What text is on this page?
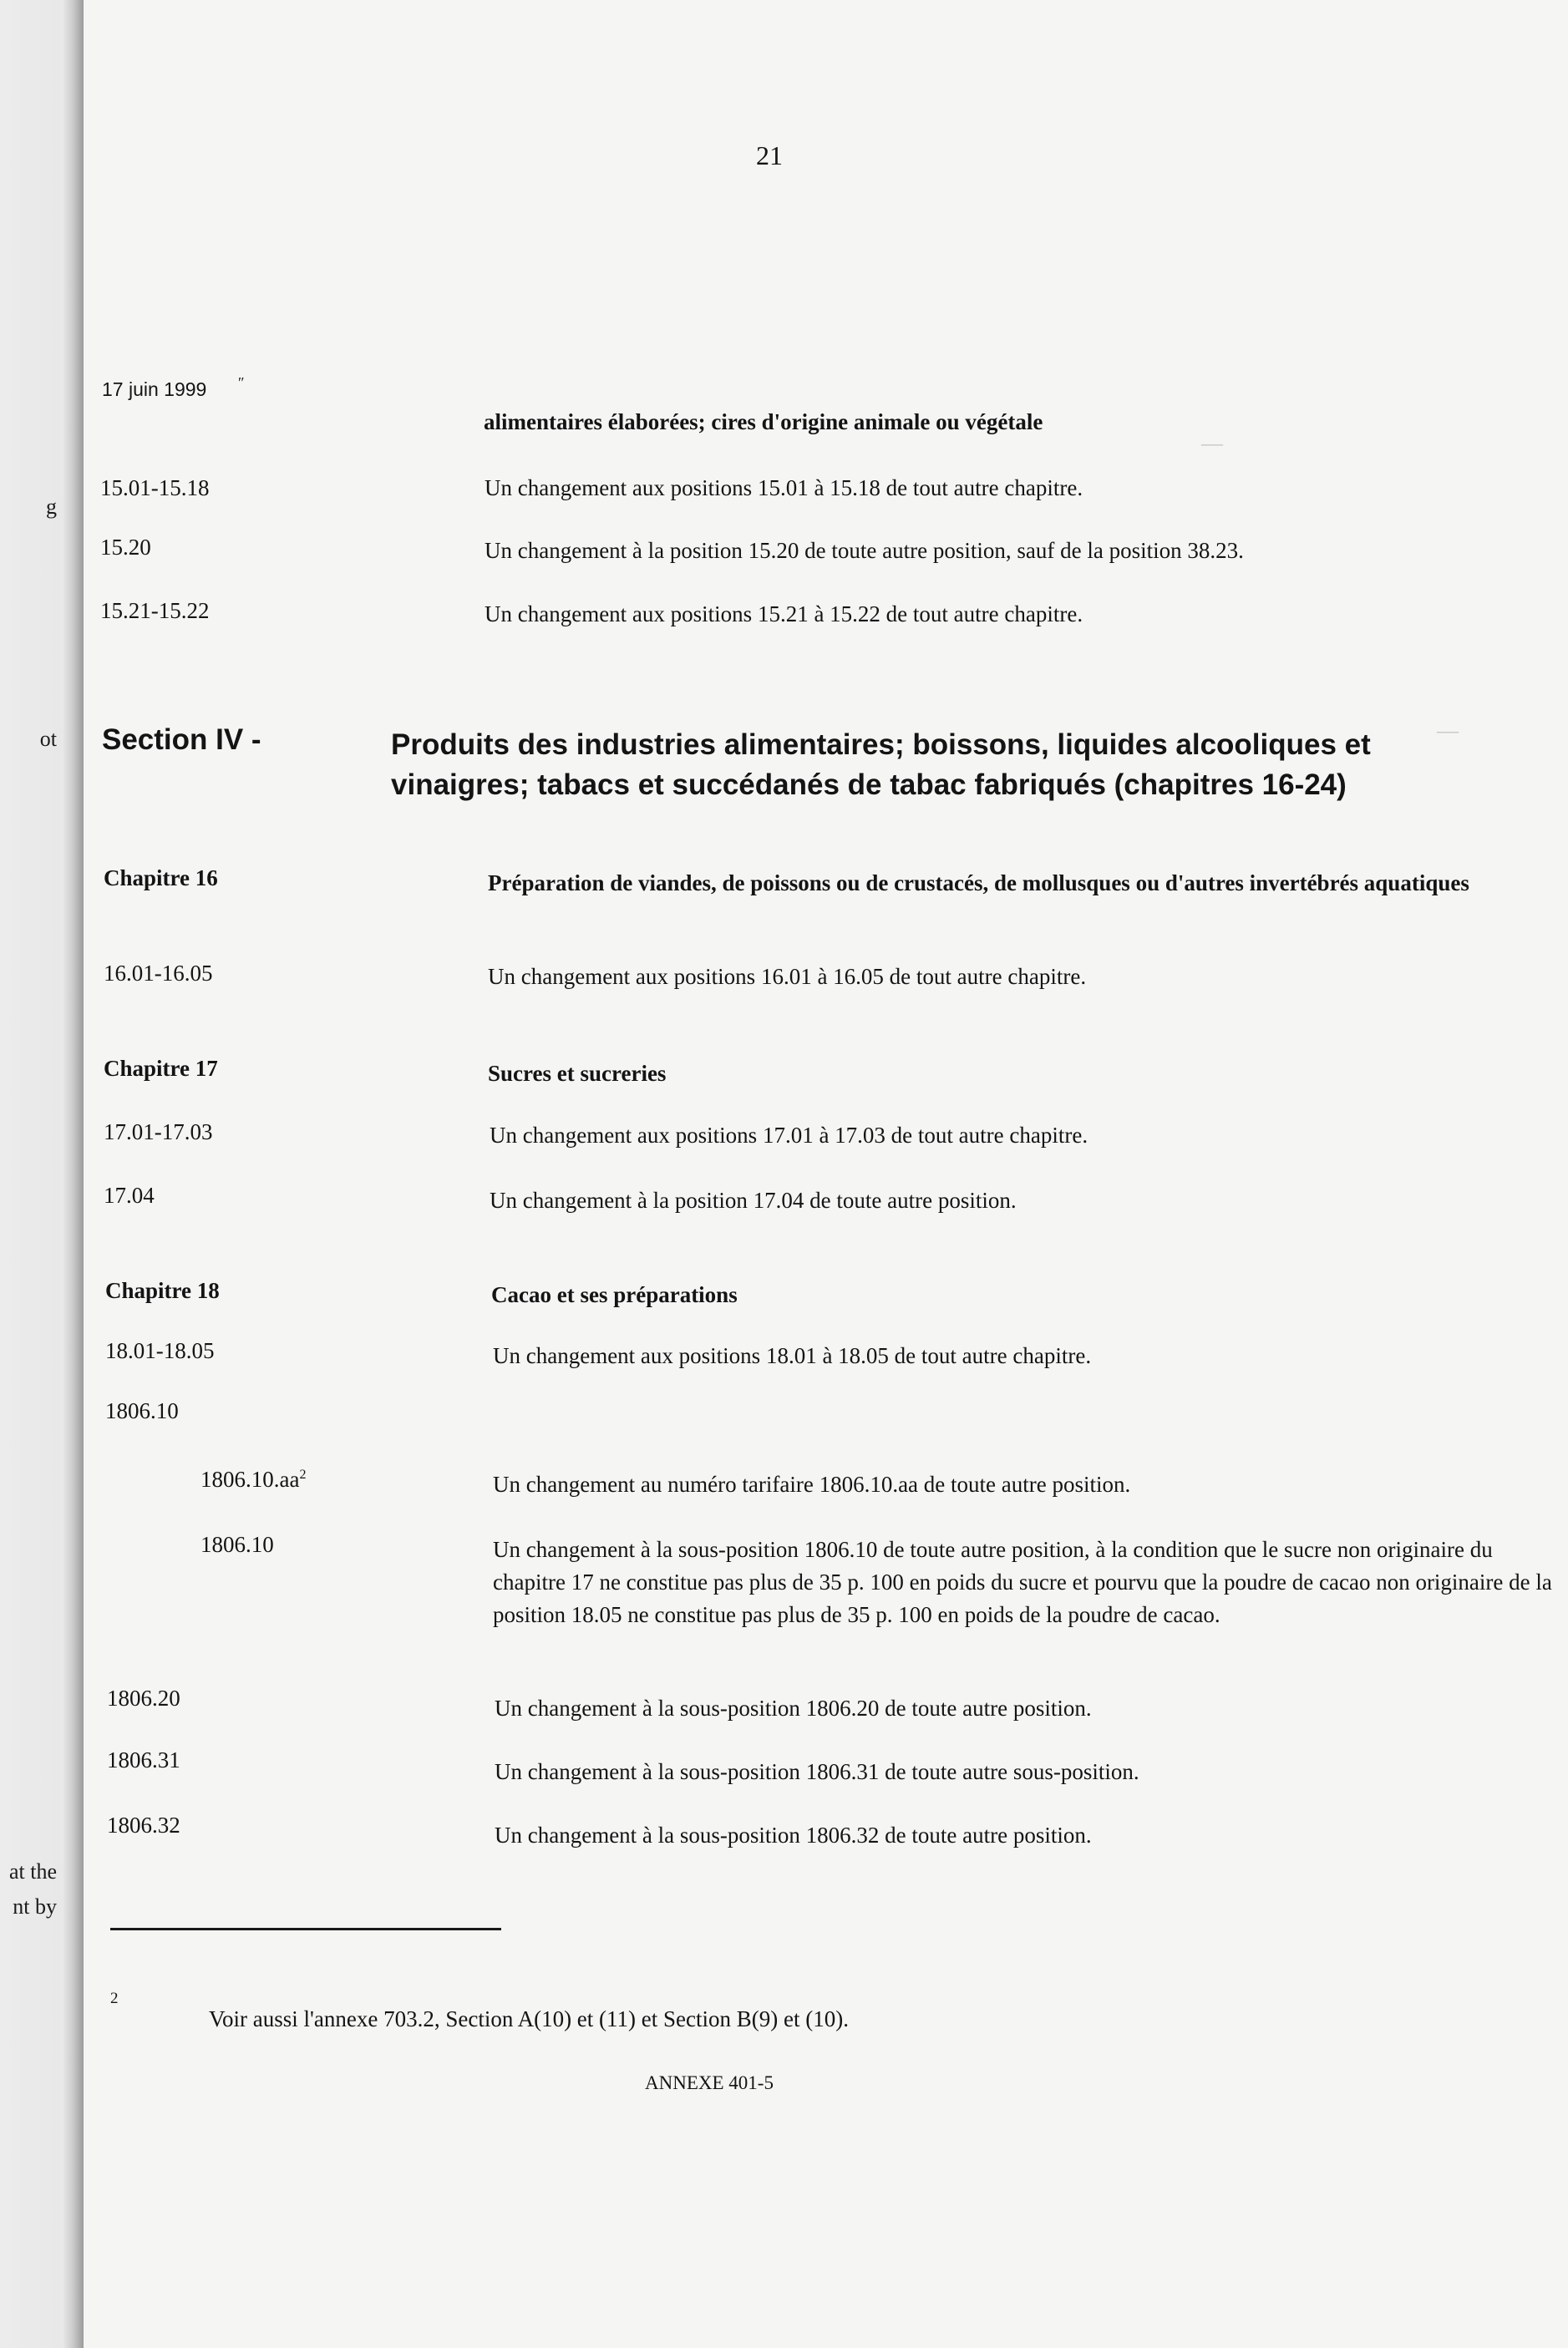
g
ot
at the
nt by
—
—
21
17 juin 1999 ″
alimentaires élaborées; cires d'origine animale ou végétale
15.01-15.18	Un changement aux positions 15.01 à 15.18 de tout autre chapitre.
15.20	Un changement à la position 15.20 de toute autre position, sauf de la position 38.23.
15.21-15.22	Un changement aux positions 15.21 à 15.22 de tout autre chapitre.
Section IV -	Produits des industries alimentaires; boissons, liquides alcooliques et vinaigres; tabacs et succédanés de tabac fabriqués (chapitres 16-24)
Chapitre 16	Préparation de viandes, de poissons ou de crustacés, de mollusques ou d'autres invertébrés aquatiques
16.01-16.05	Un changement aux positions 16.01 à 16.05 de tout autre chapitre.
Chapitre 17	Sucres et sucreries
17.01-17.03	Un changement aux positions 17.01 à 17.03 de tout autre chapitre.
17.04	Un changement à la position 17.04 de toute autre position.
Chapitre 18	Cacao et ses préparations
18.01-18.05	Un changement aux positions 18.01 à 18.05 de tout autre chapitre.
1806.10
$1806.10.aa^2$	Un changement au numéro tarifaire 1806.10.aa de toute autre position.
1806.10	Un changement à la sous-position 1806.10 de toute autre position, à la condition que le sucre non originaire du chapitre 17 ne constitue pas plus de 35 p. 100 en poids du sucre et pourvu que la poudre de cacao non originaire de la position 18.05 ne constitue pas plus de 35 p. 100 en poids de la poudre de cacao.
1806.20	Un changement à la sous-position 1806.20 de toute autre position.
1806.31	Un changement à la sous-position 1806.31 de toute autre sous-position.
1806.32	Un changement à la sous-position 1806.32 de toute autre position.
2
Voir aussi l'annexe 703.2, Section A(10) et (11) et Section B(9) et (10).
ANNEXE 401-5
